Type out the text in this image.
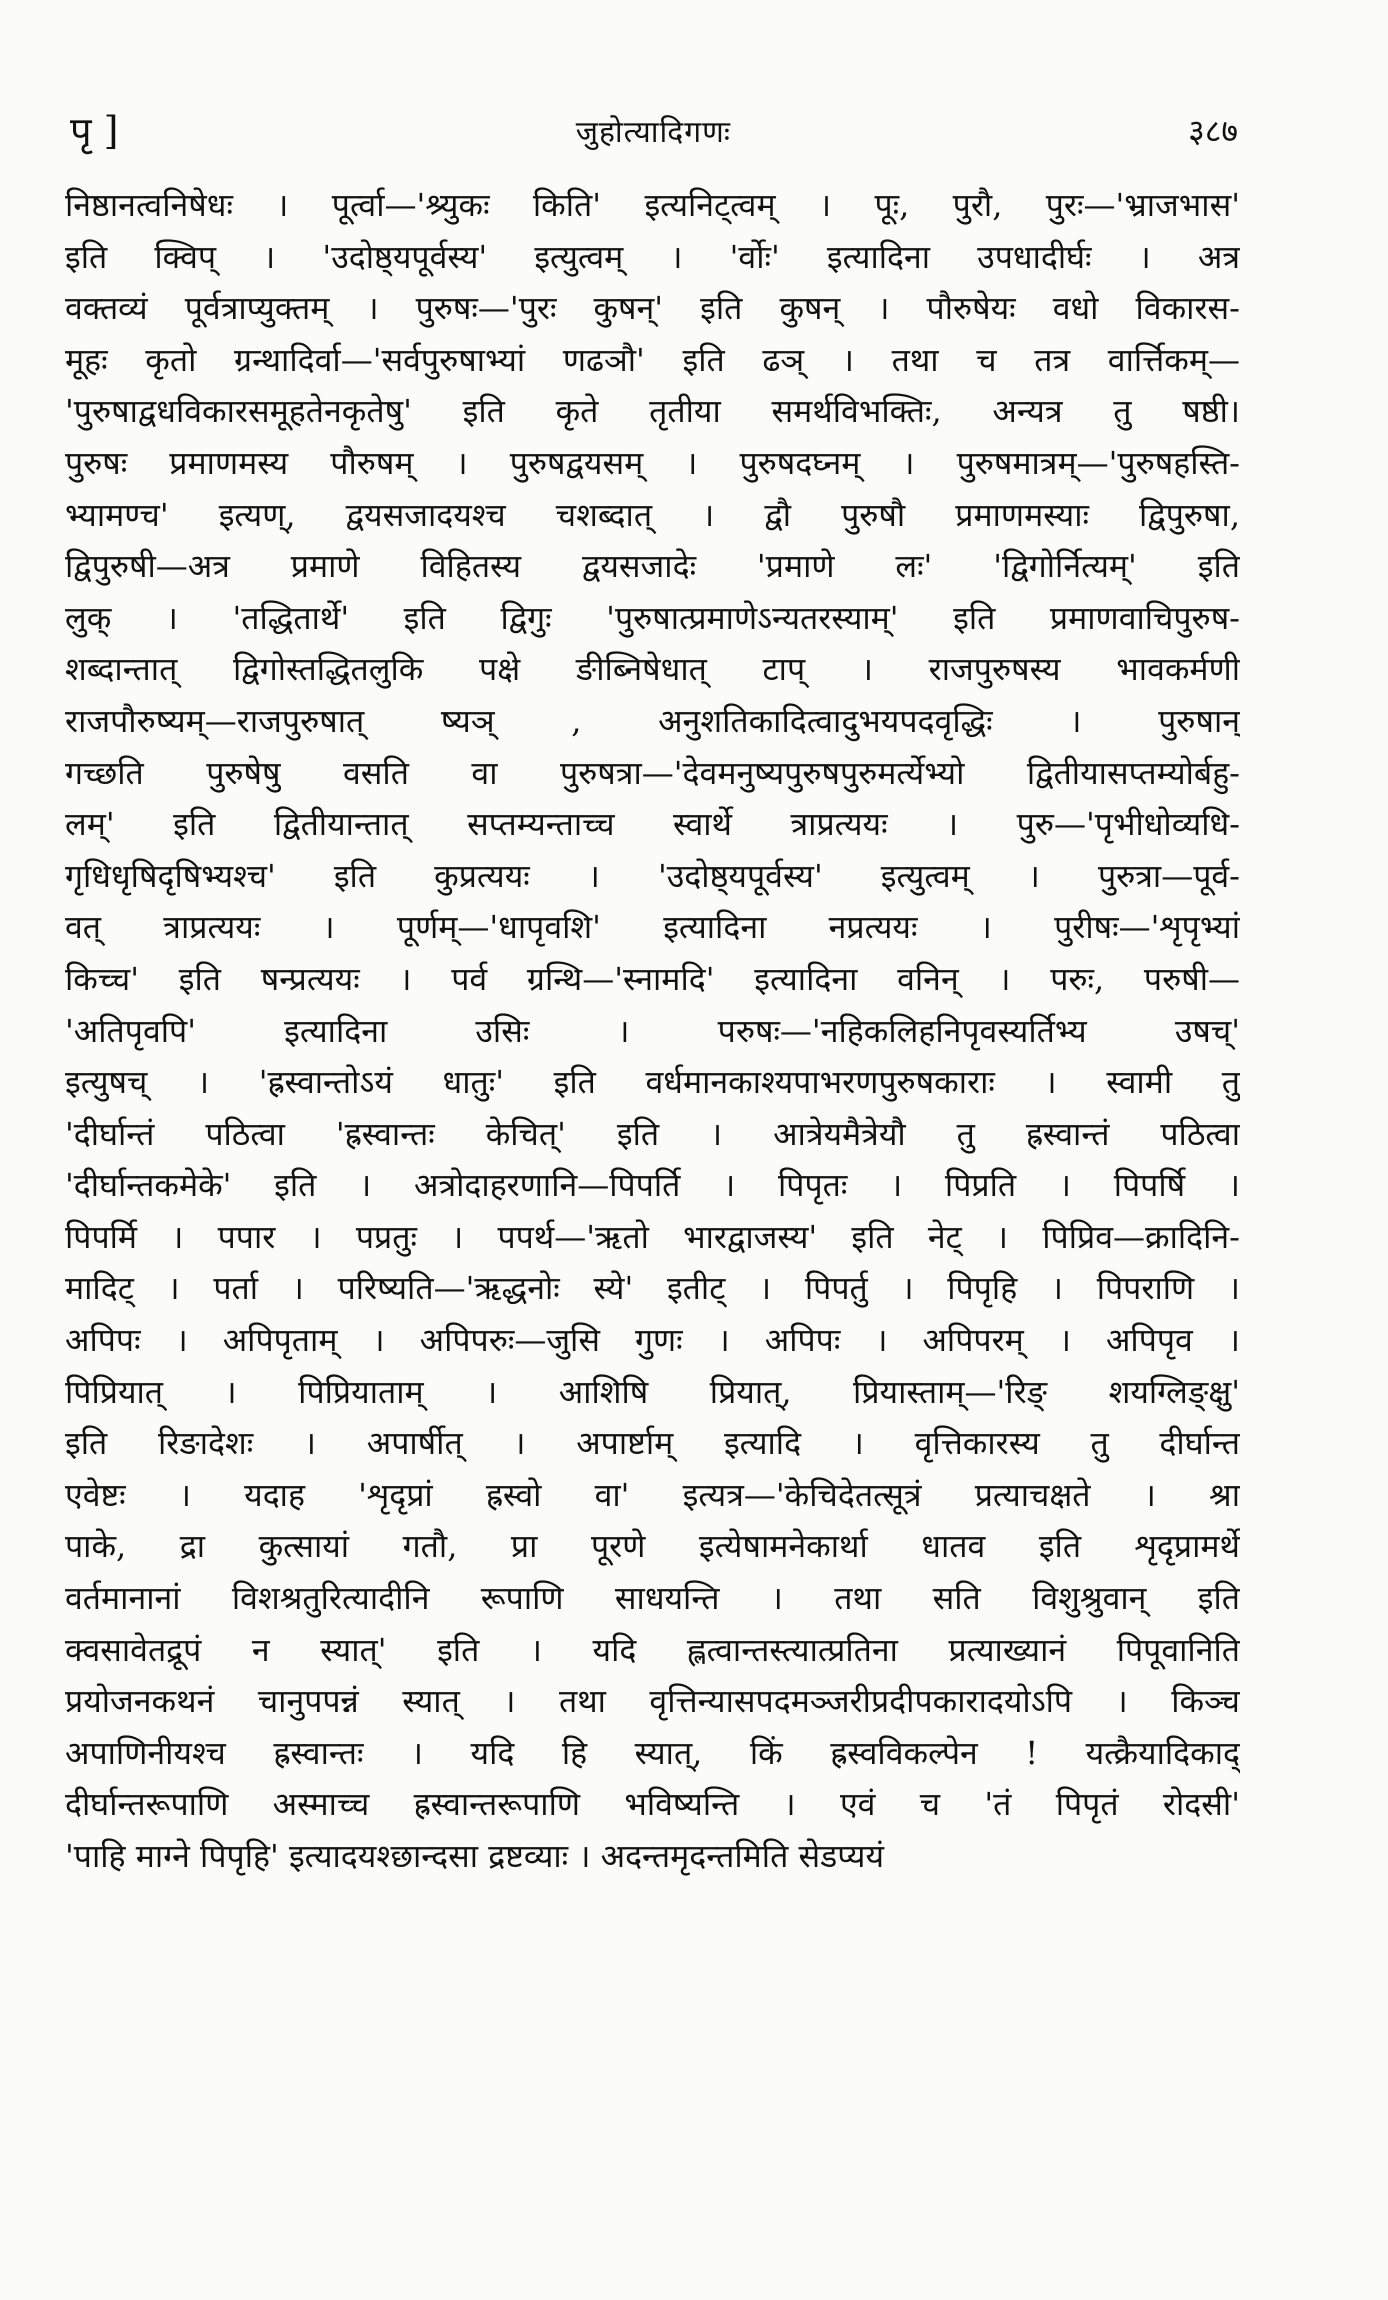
पृ ]	जुहोत्यादिगणः	३८७
निष्ठानत्वनिषेधः । पूर्त्वा—'श्र्युकः किति' इत्यनिट्त्वम् । पूः, पुरौ, पुरः—'भ्राजभास'
इति क्विप् । 'उदोष्ठ्यपूर्वस्य' इत्युत्वम् । 'र्वोः' इत्यादिना उपधादीर्घः । अत्र
वक्तव्यं पूर्वत्राप्युक्तम् । पुरुषः—'पुरः कुषन्' इति कुषन् । पौरुषेयः वधो विकारस-
मूहः कृतो ग्रन्थादिर्वा—'सर्वपुरुषाभ्यां णढञौ' इति ढञ् । तथा च तत्र वार्त्तिकम्—
'पुरुषाद्वधविकारसमूहतेनकृतेषु' इति कृते तृतीया समर्थविभक्तिः, अन्यत्र तु षष्ठी।
पुरुषः प्रमाणमस्य पौरुषम् । पुरुषद्वयसम् । पुरुषदघ्नम् । पुरुषमात्रम्—'पुरुषहस्ति-
भ्यामण्च' इत्यण्, द्वयसजादयश्च चशब्दात् । द्वौ पुरुषौ प्रमाणमस्याः द्विपुरुषा,
द्विपुरुषी—अत्र प्रमाणे विहितस्य द्वयसजादेः 'प्रमाणे लः' 'द्विगोर्नित्यम्' इति
लुक् । 'तद्धितार्थे' इति द्विगुः 'पुरुषात्प्रमाणेऽन्यतरस्याम्' इति प्रमाणवाचिपुरुष-
शब्दान्तात् द्विगोस्तद्धितलुकि पक्षे ङीब्निषेधात् टाप् । राजपुरुषस्य भावकर्मणी
राजपौरुष्यम्—राजपुरुषात् ष्यञ् , अनुशतिकादित्वादुभयपदवृद्धिः । पुरुषान्
गच्छति पुरुषेषु वसति वा पुरुषत्रा—'देवमनुष्यपुरुषपुरुमर्त्येभ्यो द्वितीयासप्तम्योर्बहु-
लम्' इति द्वितीयान्तात् सप्तम्यन्ताच्च स्वार्थे त्राप्रत्ययः । पुरु—'पृभीधोव्यधि-
गृधिधृषिदृषिभ्यश्च' इति कुप्रत्ययः । 'उदोष्ठ्यपूर्वस्य' इत्युत्वम् । पुरुत्रा—पूर्व-
वत् त्राप्रत्ययः । पूर्णम्—'धापृवशि' इत्यादिना नप्रत्ययः । पुरीषः—'शृपृभ्यां
किच्च' इति षन्प्रत्ययः । पर्व ग्रन्थि—'स्नामदि' इत्यादिना वनिन् । परुः, परुषी—
'अतिपृवपि' इत्यादिना उसिः । परुषः—'नहिकलिहनिपृवस्यर्तिभ्य उषच्'
इत्युषच् । 'ह्रस्वान्तोऽयं धातुः' इति वर्धमानकाश्यपाभरणपुरुषकाराः । स्वामी तु
'दीर्घान्तं पठित्वा 'ह्रस्वान्तः केचित्' इति । आत्रेयमैत्रेयौ तु ह्रस्वान्तं पठित्वा
'दीर्घान्तकमेके' इति । अत्रोदाहरणानि—पिपर्ति । पिपृतः । पिप्रति । पिपर्षि ।
पिपर्मि । पपार । पप्रतुः । पपर्थ—'ऋतो भारद्वाजस्य' इति नेट् । पिप्रिव—क्रादिनि-
मादिट् । पर्ता । परिष्यति—'ऋद्धनोः स्ये' इतीट् । पिपर्तु । पिपृहि । पिपराणि ।
अपिपः । अपिपृताम् । अपिपरुः—जुसि गुणः । अपिपः । अपिपरम् । अपिपृव ।
पिप्रियात् । पिप्रियाताम् । आशिषि प्रियात्, प्रियास्ताम्—'रिङ् शयग्लिङ्क्षु'
इति रिङादेशः । अपार्षीत् । अपार्ष्टाम् इत्यादि । वृत्तिकारस्य तु दीर्घान्त
एवेष्टः । यदाह 'शृदृप्रां ह्रस्वो वा' इत्यत्र—'केचिदेतत्सूत्रं प्रत्याचक्षते । श्रा
पाके, द्रा कुत्सायां गतौ, प्रा पूरणे इत्येषामनेकार्था धातव इति शृदृप्रामर्थे
वर्तमानानां विशश्रतुरित्यादीनि रूपाणि साधयन्ति । तथा सति विशुश्रुवान् इति
क्वसावेतद्रूपं न स्यात्' इति । यदि ह्लत्वान्तस्त्यात्प्रतिना प्रत्याख्यानं पिपूवानिति
प्रयोजनकथनं चानुपपन्नं स्यात् । तथा वृत्तिन्यासपदमञ्जरीप्रदीपकारादयोऽपि । किञ्च
अपाणिनीयश्च ह्रस्वान्तः । यदि हि स्यात्, किं ह्रस्वविकल्पेन ! यत्क्रैयादिकाद्
दीर्घान्तरूपाणि अस्माच्च ह्रस्वान्तरूपाणि भविष्यन्ति । एवं च 'तं पिपृतं रोदसी'
'पाहि माग्ने पिपृहि' इत्यादयश्छान्दसा द्रष्टव्याः । अदन्तमृदन्तमिति सेडप्ययं
